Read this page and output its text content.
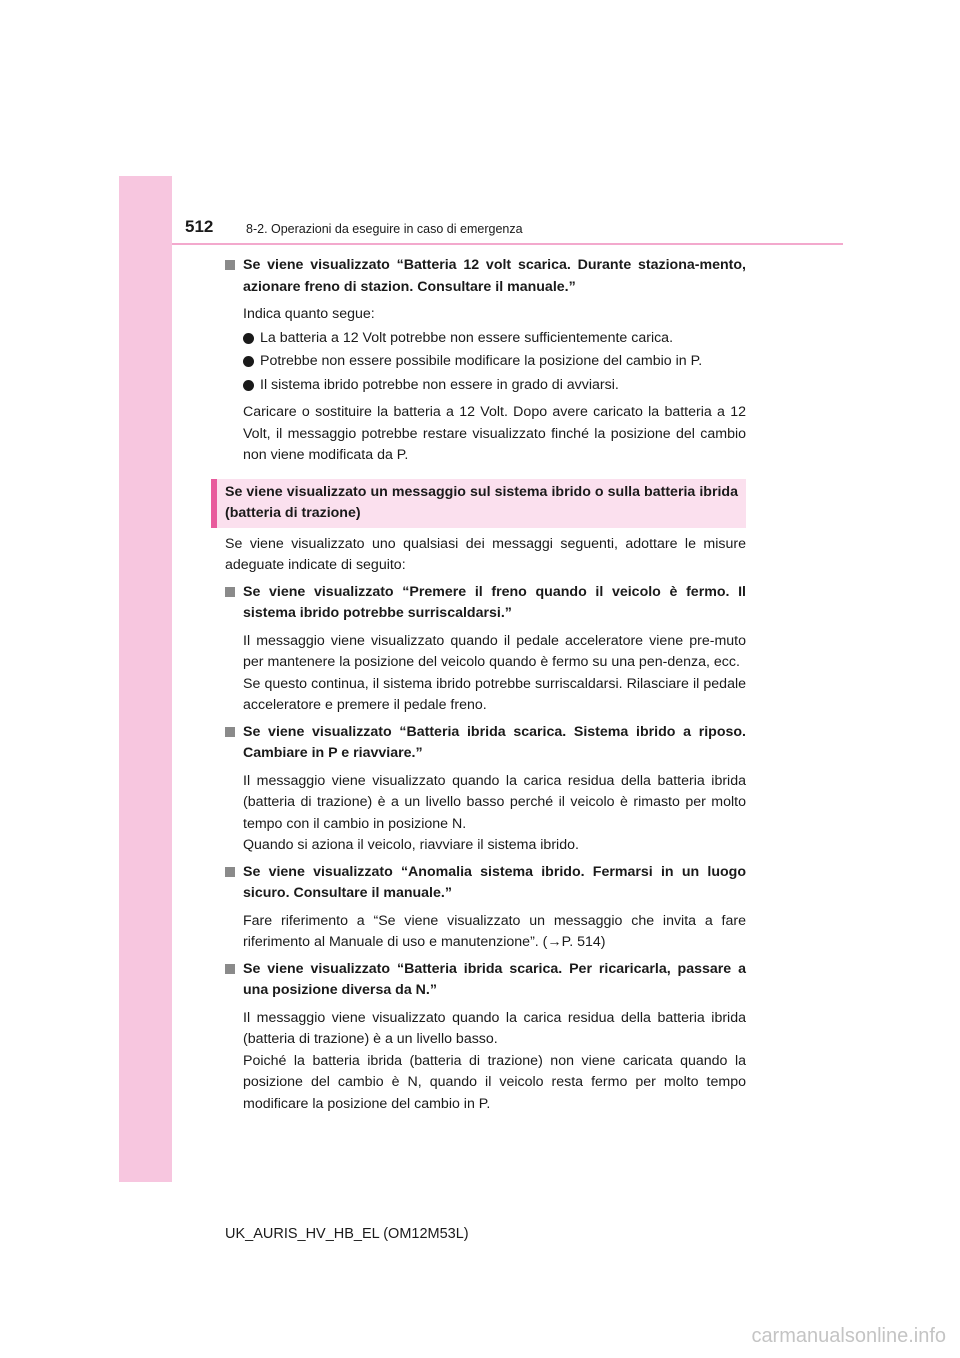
512	8-2. Operazioni da eseguire in caso di emergenza
Se viene visualizzato “Batteria 12 volt scarica. Durante staziona-mento, azionare freno di stazion. Consultare il manuale.”
Indica quanto segue:
La batteria a 12 Volt potrebbe non essere sufficientemente carica.
Potrebbe non essere possibile modificare la posizione del cambio in P.
Il sistema ibrido potrebbe non essere in grado di avviarsi.
Caricare o sostituire la batteria a 12 Volt. Dopo avere caricato la batteria a 12 Volt, il messaggio potrebbe restare visualizzato finché la posizione del cambio non viene modificata da P.
Se viene visualizzato un messaggio sul sistema ibrido o sulla batteria ibrida (batteria di trazione)
Se viene visualizzato uno qualsiasi dei messaggi seguenti, adottare le misure adeguate indicate di seguito:
Se viene visualizzato “Premere il freno quando il veicolo è fermo. Il sistema ibrido potrebbe surriscaldarsi.”
Il messaggio viene visualizzato quando il pedale acceleratore viene pre-muto per mantenere la posizione del veicolo quando è fermo su una pen-denza, ecc.
Se questo continua, il sistema ibrido potrebbe surriscaldarsi. Rilasciare il pedale acceleratore e premere il pedale freno.
Se viene visualizzato “Batteria ibrida scarica. Sistema ibrido a riposo. Cambiare in P e riavviare.”
Il messaggio viene visualizzato quando la carica residua della batteria ibrida (batteria di trazione) è a un livello basso perché il veicolo è rimasto per molto tempo con il cambio in posizione N.
Quando si aziona il veicolo, riavviare il sistema ibrido.
Se viene visualizzato “Anomalia sistema ibrido. Fermarsi in un luogo sicuro. Consultare il manuale.”
Fare riferimento a “Se viene visualizzato un messaggio che invita a fare riferimento al Manuale di uso e manutenzione”. (→P. 514)
Se viene visualizzato “Batteria ibrida scarica. Per ricaricarla, passare a una posizione diversa da N.”
Il messaggio viene visualizzato quando la carica residua della batteria ibrida (batteria di trazione) è a un livello basso.
Poiché la batteria ibrida (batteria di trazione) non viene caricata quando la posizione del cambio è N, quando il veicolo resta fermo per molto tempo modificare la posizione del cambio in P.
UK_AURIS_HV_HB_EL (OM12M53L)
carmanualsonline.info
